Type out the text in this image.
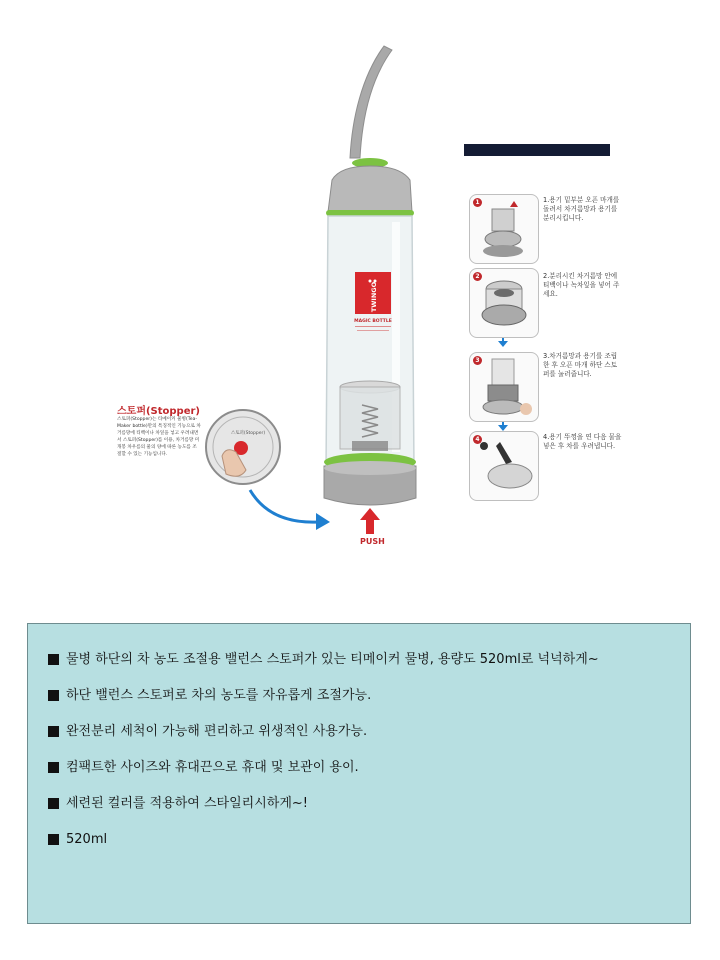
TWINGO
MAGIC BOTTLE
스토퍼(Stopper)
스토퍼(Stopper)
스토퍼(Stopper)는 티메이커 물병(Tea-Maker bottle)만의 특징적인 기능으로 차 거름망에 티백이나 차잎을 넣고 우려내면서 스토퍼(Stopper)를 이용, 차거름망 미개봉 차우름의 물의 양에 따른 농도를 조절할 수 있는 기능입니다.
PUSH
1	1.용기 밑부분 오픈 마개를 돌려서 차거름망과 용기를 분리시킵니다.
2	2.분리시킨 차거름망 안에 티백이나 녹차잎을 넣어 주세요.
3
3.차거름망과 용기를 조립한 후 오픈 마개 하단 스토퍼를 눌러줍니다.
4	4.용기 뚜껑을 연 다음 물을 넣은 후 차를 우려냅니다.
물병 하단의 차 농도 조절용 밸런스 스토퍼가 있는 티메이커 물병, 용량도 520ml로 넉넉하게~
하단 밸런스 스토퍼로 차의 농도를 자유롭게 조절가능.
완전분리 세척이 가능해 편리하고 위생적인 사용가능.
컴팩트한 사이즈와 휴대끈으로 휴대 및 보관이 용이.
세련된 컬러를 적용하여 스타일리시하게~!
520ml
